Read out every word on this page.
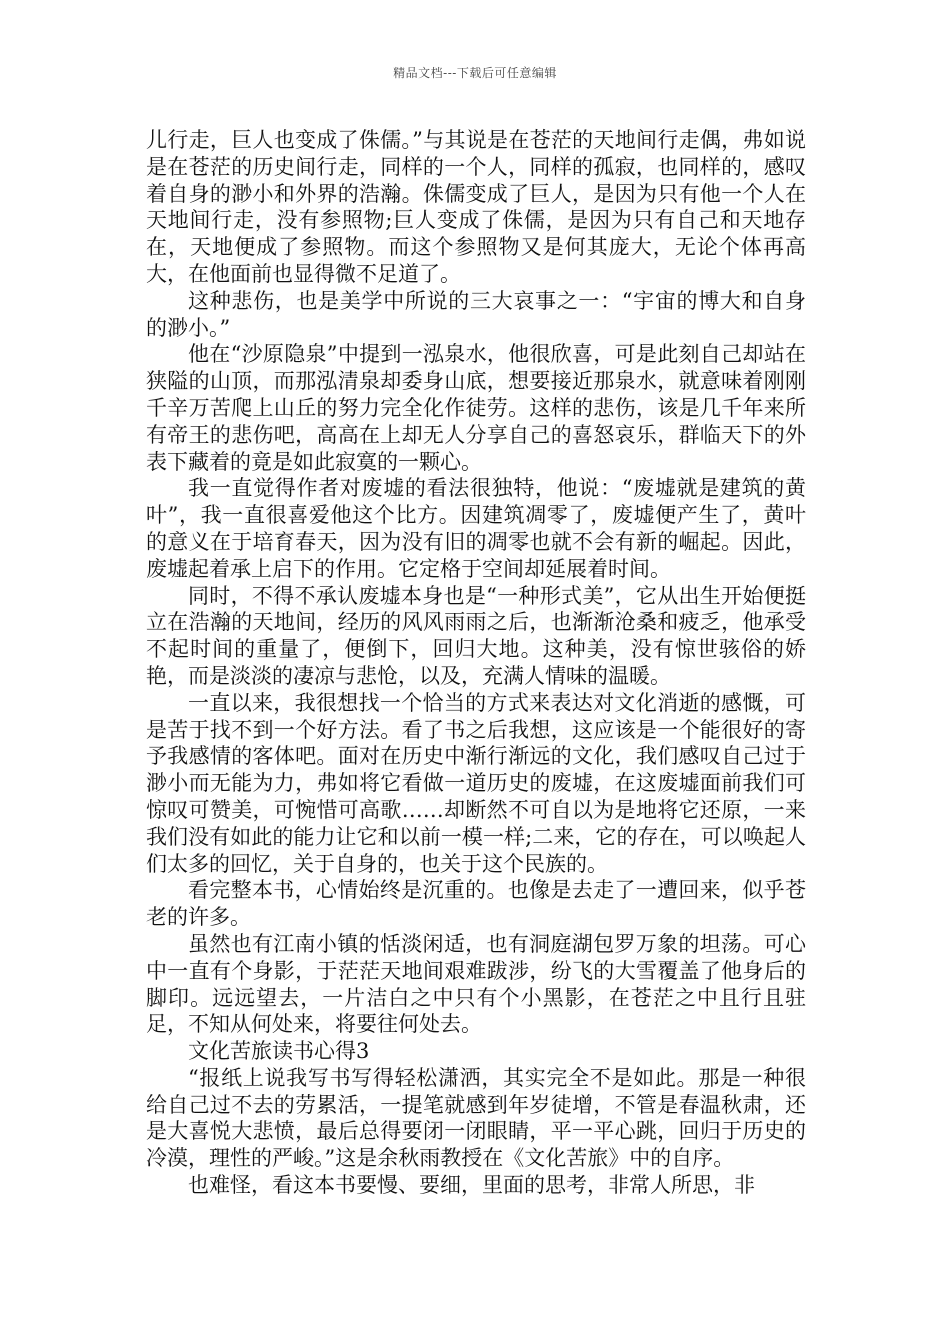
精品文档---下载后可任意编辑

儿行走，巨人也变成了侏儒。”与其说是在苍茫的天地间行走偶，弗如说是在苍茫的历史间行走，同样的一个人，同样的孤寂，也同样的，感叹着自身的渺小和外界的浩瀚。侏儒变成了巨人，是因为只有他一个人在天地间行走，没有参照物;巨人变成了侏儒，是因为只有自己和天地存在，天地便成了参照物。而这个参照物又是何其庞大，无论个体再高大，在他面前也显得微不足道了。

这种悲伤，也是美学中所说的三大哀事之一：“宇宙的博大和自身的渺小。”

他在“沙原隐泉”中提到一泓泉水，他很欣喜，可是此刻自己却站在狭隘的山顶，而那泓清泉却委身山底，想要接近那泉水，就意味着刚刚千辛万苦爬上山丘的努力完全化作徒劳。这样的悲伤，该是几千年来所有帝王的悲伤吧，高高在上却无人分享自己的喜怒哀乐，群临天下的外表下藏着的竟是如此寂寞的一颗心。

我一直觉得作者对废墟的看法很独特，他说：“废墟就是建筑的黄叶”，我一直很喜爱他这个比方。因建筑凋零了，废墟便产生了，黄叶的意义在于培育春天，因为没有旧的凋零也就不会有新的崛起。因此，废墟起着承上启下的作用。它定格于空间却延展着时间。

同时，不得不承认废墟本身也是“一种形式美”，它从出生开始便挺立在浩瀚的天地间，经历的风风雨雨之后，也渐渐沧桑和疲乏，他承受不起时间的重量了，便倒下，回归大地。这种美，没有惊世骇俗的娇艳，而是淡淡的凄凉与悲怆，以及，充满人情味的温暖。

一直以来，我很想找一个恰当的方式来表达对文化消逝的感慨，可是苦于找不到一个好方法。看了书之后我想，这应该是一个能很好的寄予我感情的客体吧。面对在历史中渐行渐远的文化，我们感叹自己过于渺小而无能为力，弗如将它看做一道历史的废墟，在这废墟面前我们可惊叹可赞美，可惋惜可高歌……却断然不可自以为是地将它还原，一来我们没有如此的能力让它和以前一模一样;二来，它的存在，可以唤起人们太多的回忆，关于自身的，也关于这个民族的。

看完整本书，心情始终是沉重的。也像是去走了一遭回来，似乎苍老的许多。

虽然也有江南小镇的恬淡闲适，也有洞庭湖包罗万象的坦荡。可心中一直有个身影，于茫茫天地间艰难跋涉，纷飞的大雪覆盖了他身后的脚印。远远望去，一片洁白之中只有个小黑影，在苍茫之中且行且驻足，不知从何处来，将要往何处去。

文化苦旅读书心得3

“报纸上说我写书写得轻松潇洒，其实完全不是如此。那是一种很给自己过不去的劳累活，一提笔就感到年岁徒增，不管是春温秋肃，还是大喜悦大悲愤，最后总得要闭一闭眼睛，平一平心跳，回归于历史的冷漠，理性的严峻。”这是余秋雨教授在《文化苦旅》中的自序。

也难怪，看这本书要慢、要细，里面的思考，非常人所思，非
